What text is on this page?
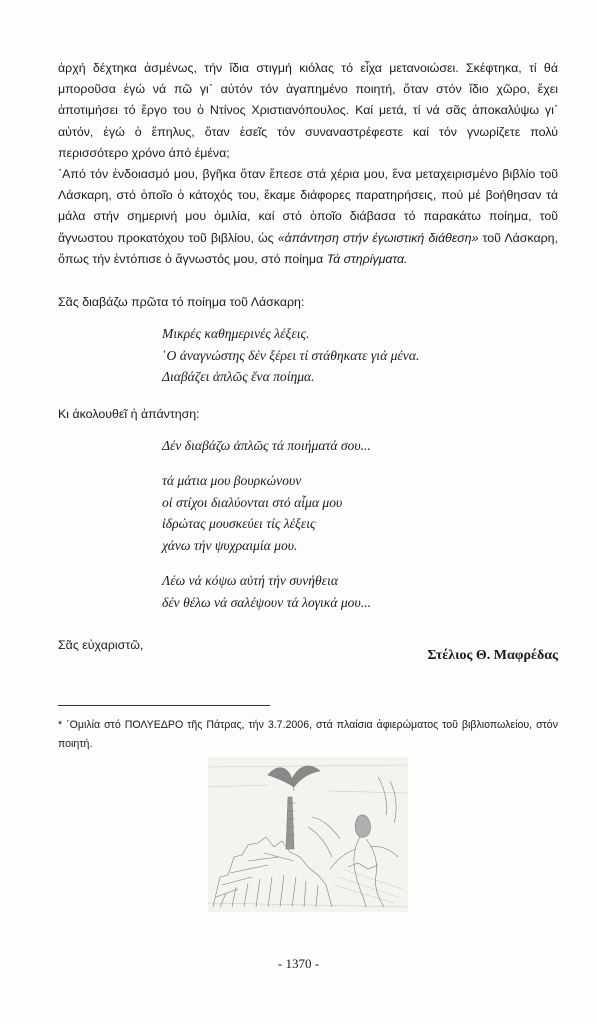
ἀρχή δέχτηκα ἀσμένως, τήν ἴδια στιγμή κιόλας τό εἶχα μετανοιώσει. Σκέφτηκα, τί θά μποροῦσα ἐγώ νά πῶ γι᾿ αὐτόν τόν ἀγαπημένο ποιητή, ὅταν στόν ἴδιο χῶρο, ἔχει ἀποτιμήσει τό ἔργο του ὁ Ντίνος Χριστιανόπουλος. Καί μετά, τί νά σᾶς ἀποκαλύψω γι᾿ αὐτόν, ἐγώ ὁ ἔπηλυς, ὅταν ἐσεῖς τόν συναναστρέφεστε καί τόν γνωρίζετε πολύ περισσότερο χρόνο ἀπό ἐμένα;

῾Από τόν ἐνδοιασμό μου, βγῆκα ὅταν ἔπεσε στά χέρια μου, ἕνα μεταχειρισμένο βιβλίο τοῦ Λάσκαρη, στό ὁποῖο ὁ κάτοχός του, ἔκαμε διάφορες παρατηρήσεις, πού μέ βοήθησαν τά μάλα στήν σημερινή μου ὁμιλία, καί στό ὁποῖο διάβασα τό παρακάτω ποίημα, τοῦ ἄγνωστου προκατόχου τοῦ βιβλίου, ὡς «ἀπάντηση στήν ἐγωιστική διάθεση» τοῦ Λάσκαρη, ὅπως τήν ἐντόπισε ὁ ἄγνωστός μου, στό ποίημα Τά στηρίγματα.

Σᾶς διαβάζω πρῶτα τό ποίημα τοῦ Λάσκαρη:

Μικρές καθημερινές λέξεις.
῾Ο ἀναγνώστης δέν ξέρει τί στάθηκατε γιά μένα.
Διαβάζει ἁπλῶς ἕνα ποίημα.

Κι ἀκολουθεῖ ἡ ἀπάντηση:

Δέν διαβάζω ἁπλῶς τά ποιήματά σου...
τά μάτια μου βουρκώνουν
οἱ στίχοι διαλύονται στό αἷμα μου
ἱδρώτας μουσκεύει τίς λέξεις
χάνω τήν ψυχραιμία μου.
Λέω νά κόψω αὐτή τήν συνήθεια
δέν θέλω νά σαλέψουν τά λογικά μου...
Σᾶς εὐχαριστῶ,
Στέλιος Θ. Μαφρέδας
* ῾Ομιλία στό ΠΟΛΥΕΔΡΟ τῆς Πάτρας, τήν 3.7.2006, στά πλαίσια ἀφιερώματος τοῦ βιβλιοπωλείου, στόν ποιητή.
- 1370 -
